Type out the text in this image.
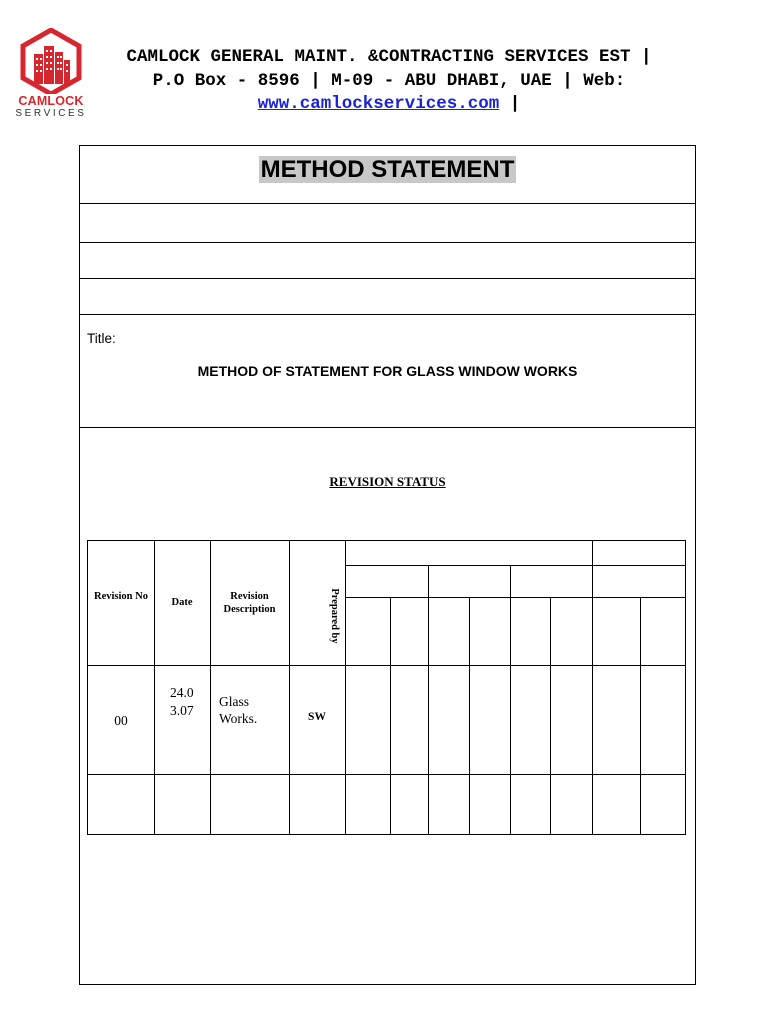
CAMLOCK
SERVICES
CAMLOCK GENERAL MAINT. &CONTRACTING SERVICES EST |
P.O Box - 8596 | M-09 - ABU DHABI, UAE | Web:
www.camlockservices.com |
METHOD STATEMENT
Title:
METHOD OF STATEMENT FOR GLASS WINDOW WORKS
REVISION STATUS
Revision No
Date
Revision Description	Prepared by
00
24.0
3.07
Glass Works.	SW
